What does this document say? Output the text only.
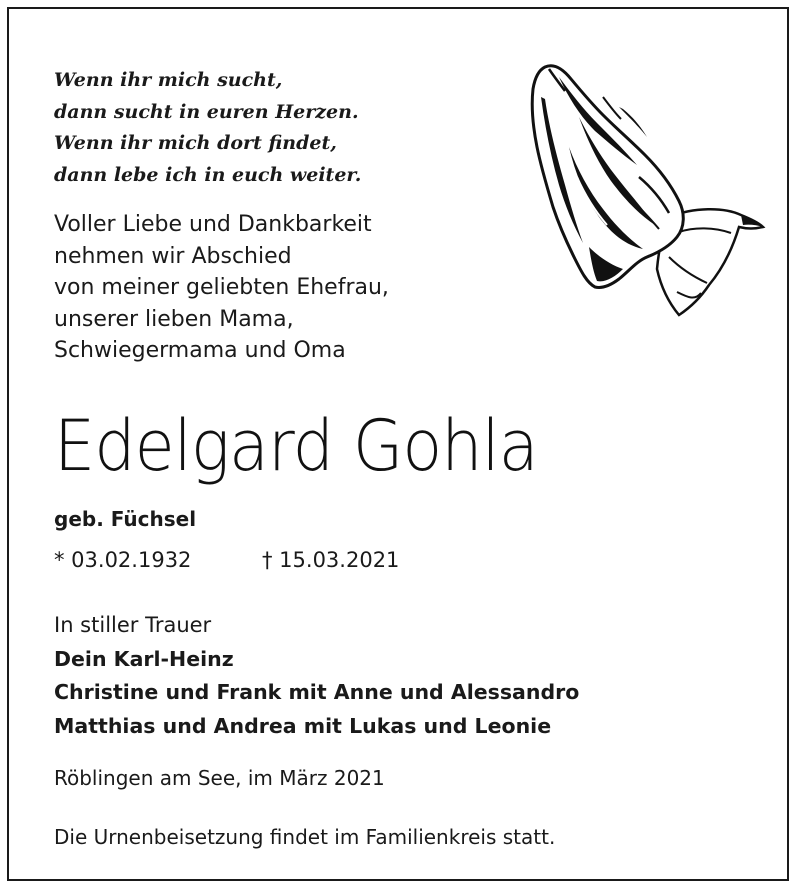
Wenn ihr mich sucht,
dann sucht in euren Herzen.
Wenn ihr mich dort findet,
dann lebe ich in euch weiter.
Voller Liebe und Dankbarkeit
nehmen wir Abschied
von meiner geliebten Ehefrau,
unserer lieben Mama,
Schwiegermama und Oma
Edelgard Gohla
geb. Füchsel
* 03.02.1932	† 15.03.2021
In stiller Trauer
Dein Karl-Heinz
Christine und Frank mit Anne und Alessandro
Matthias und Andrea mit Lukas und Leonie
Röblingen am See, im März 2021
Die Urnenbeisetzung findet im Familienkreis statt.
